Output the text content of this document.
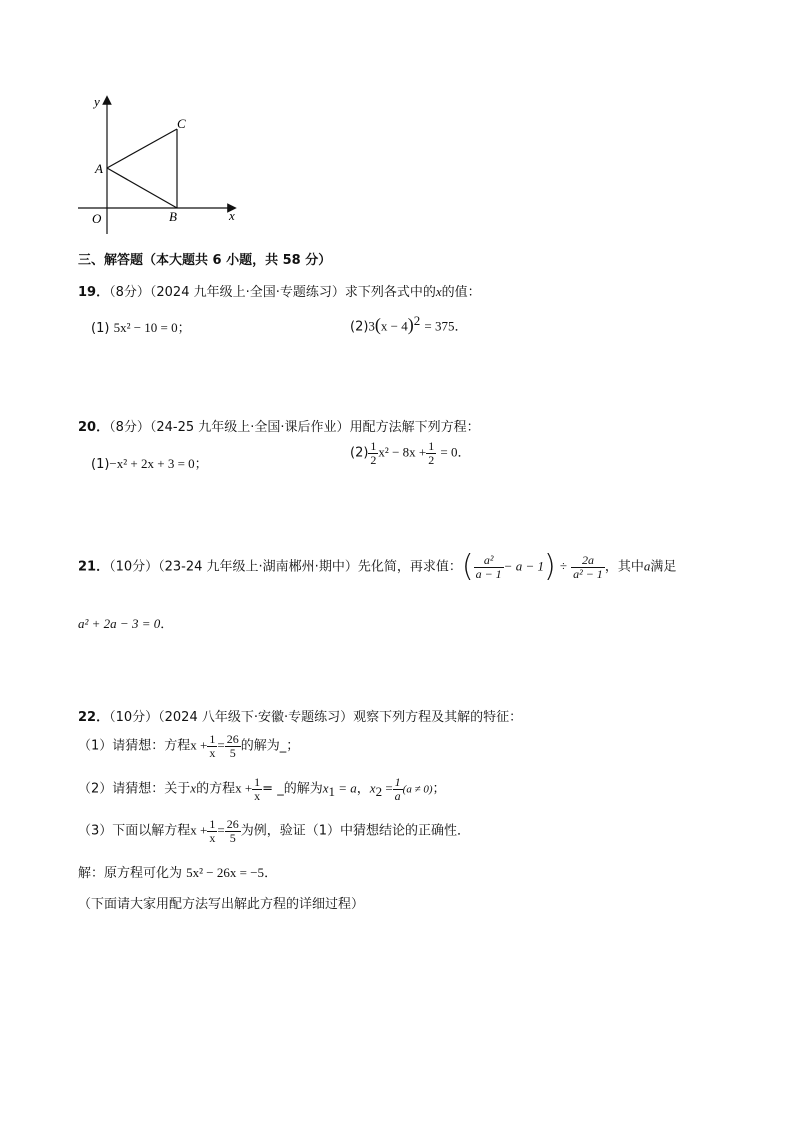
y
x
O
A
B
C
三、解答题（本大题共 6 小题，共 58 分）
19．（8分）（2024 九年级上·全国·专题练习）求下列各式中的x的值：
(1) 5x² − 10 = 0；	$(2)3(x - 4)^2 = 375$．
20．（8分）（24-25 九年级上·全国·课后作业）用配方法解下列方程：
(1)−x² + 2x + 3 = 0；
$(2) \frac{1}{2} x^2 - 8x + \frac{1}{2} = 0$．
21．（10分）（23-24 九年级上·湖南郴州·期中）先化简，再求值：( $\frac{\text{a²}}{a - 1} - a - 1) \div \frac{2a}{\text{a² − 1}}$ ，其中a满足
a² + 2a − 3 = 0．
22．（10分）（2024 八年级下·安徽·专题练习）观察下列方程及其解的特征：
（1）请猜想：方程$x + \frac{1}{x} = \frac{26}{5}$ 的解为_；
（2）请猜想：关于x的方程$x + \frac{1}{x}$ = _的解为$x_1 = a$，$x_2 = \frac{1}{a} (a \ne 0)$；
（3）下面以解方程$x + \frac{1}{x} = \frac{26}{5}$ 为例，验证（1）中猜想结论的正确性．
解：原方程可化为 5x² − 26x = −5．
（下面请大家用配方法写出解此方程的详细过程）
